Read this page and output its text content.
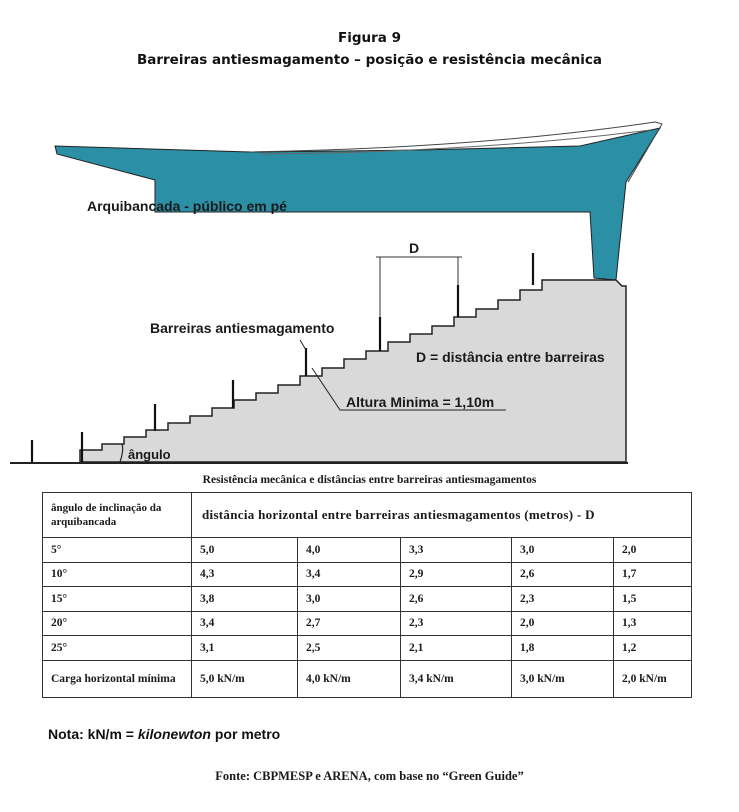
Figura 9
Barreiras antiesmagamento – posição e resistência mecânica
Arquibancada - público em pé
D
Barreiras antiesmagamento
D = distância entre barreiras
Altura Minima = 1,10m
ângulo
Resistência mecânica e distâncias entre barreiras antiesmagamentos
ângulo de inclinação da arquibancada	distância horizontal entre barreiras antiesmagamentos (metros) - D				
5°	5,0	4,0	3,3	3,0	2,0
10°	4,3	3,4	2,9	2,6	1,7
15°	3,8	3,0	2,6	2,3	1,5
20°	3,4	2,7	2,3	2,0	1,3
25°	3,1	2,5	2,1	1,8	1,2
Carga horizontal mínima	5,0 kN/m	4,0 kN/m	3,4 kN/m	3,0 kN/m	2,0 kN/m
Nota: kN/m = kilonewton por metro
Fonte: CBPMESP e ARENA, com base no “Green Guide”
